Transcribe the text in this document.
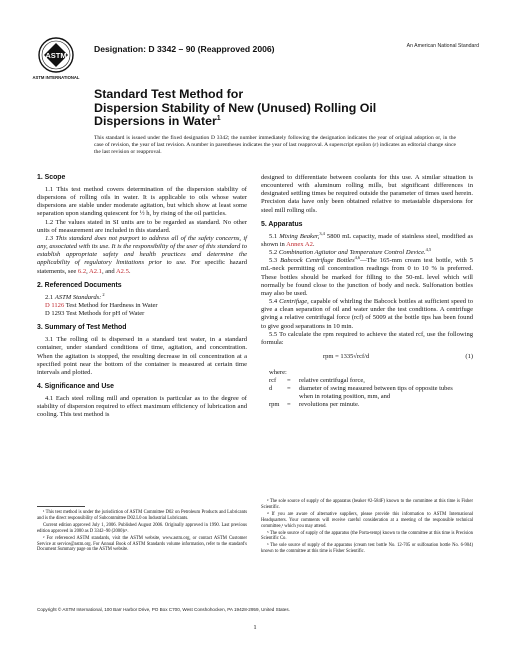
ASTM
ASTM INTERNATIONAL
Designation: D 3342 – 90 (Reapproved 2006)	An American National Standard
Standard Test Method for
Dispersion Stability of New (Unused) Rolling Oil
Dispersions in Water$^1$
This standard is issued under the fixed designation D 3342; the number immediately following the designation indicates the year of original adoption or, in the case of revision, the year of last revision. A number in parentheses indicates the year of last reapproval. A superscript epsilon (ε) indicates an editorial change since the last revision or reapproval.
1. Scope

1.1 This test method covers determination of the dispersion stability of dispersions of rolling oils in water. It is applicable to oils whose water dispersions are stable under moderate agitation, but which show at least some separation upon standing quiescent for ½ h, by rising of the oil particles.

1.2 The values stated in SI units are to be regarded as standard. No other units of measurement are included in this standard.

1.3 This standard does not purport to address all of the safety concerns, if any, associated with its use. It is the responsibility of the user of this standard to establish appropriate safety and health practices and determine the applicability of regulatory limitations prior to use. For specific hazard statements, see 6.2, A2.1, and A2.5.

2. Referenced Documents

2.1 ASTM Standards: $^2$

D 1126 Test Method for Hardness in Water

D 1293 Test Methods for pH of Water

3. Summary of Test Method

3.1 The rolling oil is dispersed in a standard test water, in a standard container, under standard conditions of time, agitation, and concentration. When the agitation is stopped, the resulting decrease in oil concentration at a specified point near the bottom of the container is measured at certain time intervals and plotted.

4. Significance and Use

4.1 Each steel rolling mill and operation is particular as to the degree of stability of dispersion required to effect maximum efficiency of lubrication and cooling. This test method is

designed to differentiate between coolants for this use. A similar situation is encountered with aluminum rolling mills, but significant differences in designated settling times be required outside the parameter of times used herein. Precision data have only been obtained relative to metastable dispersions for steel mill rolling oils.

5. Apparatus

5.1 Mixing Beaker,$^{3,4}$ 5800 mL capacity, made of stainless steel, modified as shown in Annex A2.

5.2 Combination Agitator and Temperature Control Device.$^{4,5}$

5.3 Babcock Centrifuge Bottles$^{4,6}$—The 165-mm cream test bottle, with 5 mL-neck permitting oil concentration readings from 0 to 10 % is preferred. These bottles should be marked for filling to the 50-mL level which will normally be found close to the junction of body and neck. Sulfonation bottles may also be used.

5.4 Centrifuge, capable of whirling the Babcock bottles at sufficient speed to give a clean separation of oil and water under the test conditions. A centrifuge giving a relative centrifugal force (rcf) of 5009 at the bottle tips has been found to give good separations in 10 min.

5.5 To calculate the rpm required to achieve the stated rcf, use the following formula:

rpm = 1335√rcf/d	(1)

where:

rcf	=	relative centrifugal force,
d	=	diameter of swing measured between tips of opposite tubes when in rotating position, mm, and
rpm	=	revolutions per minute.

¹ This test method is under the jurisdiction of ASTM Committee D02 on Petroleum Products and Lubricants and is the direct responsibility of Subcommittee D02.L0 on Industrial Lubricants.

Current edition approved July 1, 2006. Published August 2006. Originally approved in 1990. Last previous edition approved in 2000 as D 3342–90 (2000)ε¹.

² For referenced ASTM standards, visit the ASTM website, www.astm.org, or contact ASTM Customer Service at service@astm.org. For Annual Book of ASTM Standards volume information, refer to the standard's Document Summary page on the ASTM website.

³ The sole source of supply of the apparatus (beaker #2-584F) known to the committee at this time is Fisher Scientific.

⁴ If you are aware of alternative suppliers, please provide this information to ASTM International Headquarters. Your comments will receive careful consideration at a meeting of the responsible technical committee,¹ which you may attend.

⁵ The sole source of supply of the apparatus (the Porta-temp) known to the committee at this time is Precision Scientific Co.

⁶ The sole source of supply of the apparatus (cream test bottle No. 12-705 or sulfonation bottle No. 6-904) known to the committee at this time is Fisher Scientific.

Copyright © ASTM International, 100 Barr Harbor Drive, PO Box C700, West Conshohocken, PA 19428-2959, United States.
1
